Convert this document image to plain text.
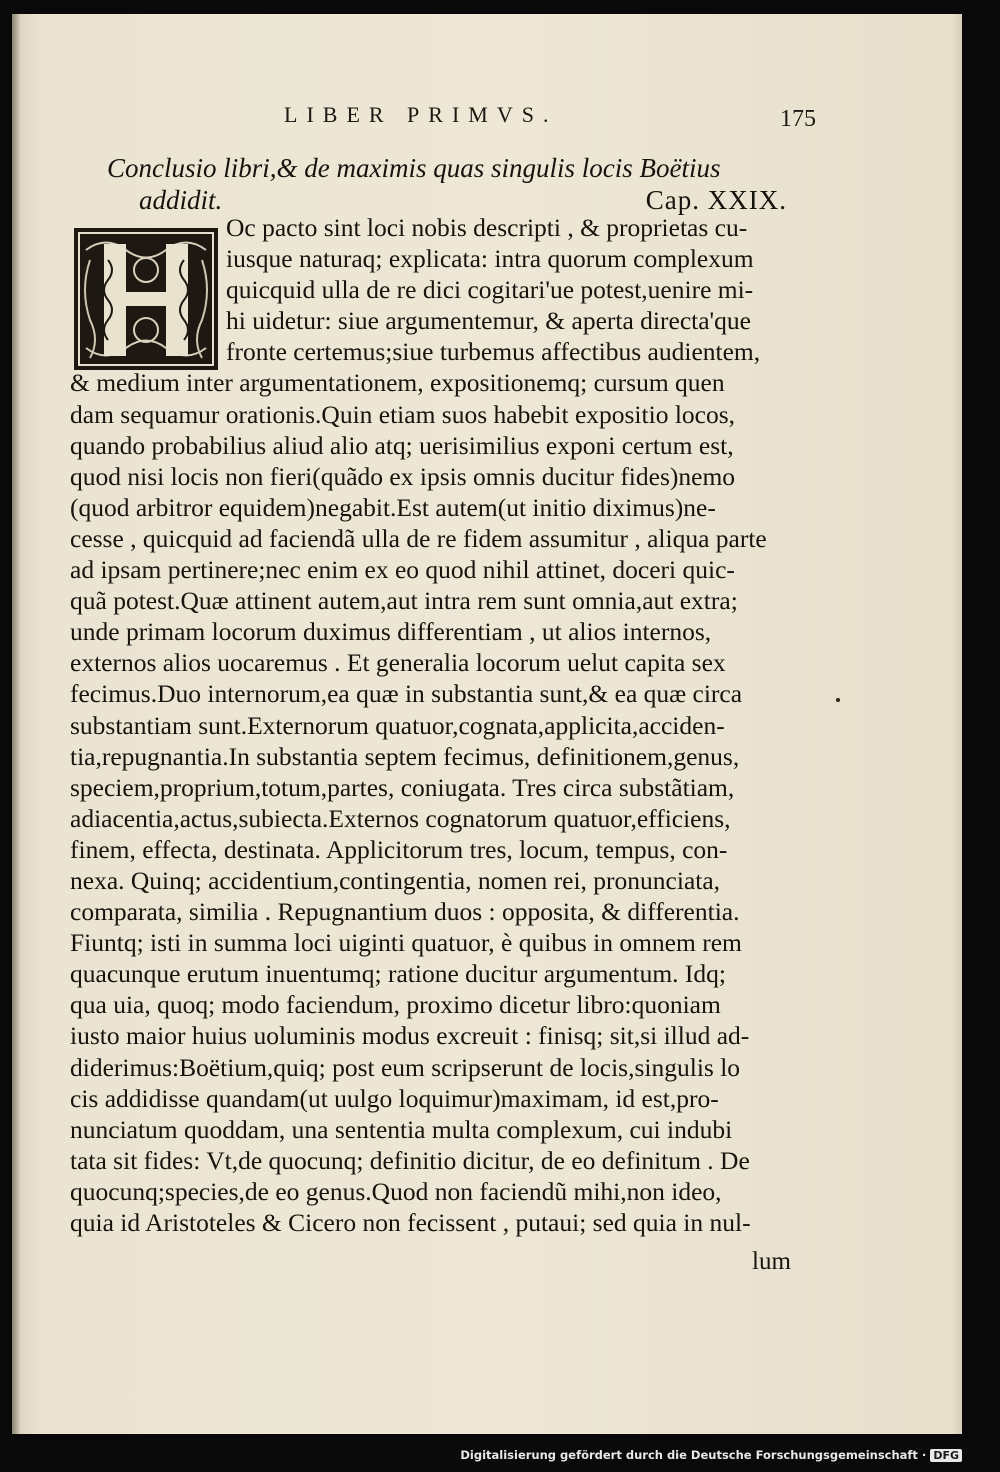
LIBER PRIMVS.	175
Conclusio libri,& de maximis quas singulis locis Boëtius
addidit.	Cap. XXIX.
Oc pacto sint loci nobis descripti , & proprietas cu-
iusque naturaq; explicata: intra quorum complexum
quicquid ulla de re dici cogitari'ue potest,uenire mi-
hi uidetur: siue argumentemur, & aperta directa'que
fronte certemus;siue turbemus affectibus audientem,
& medium inter argumentationem, expositionemq; cursum quen
dam sequamur orationis.Quin etiam suos habebit expositio locos,
quando probabilius aliud alio atq; uerisimilius exponi certum est,
quod nisi locis non fieri(quãdo ex ipsis omnis ducitur fides)nemo
(quod arbitror equidem)negabit.Est autem(ut initio diximus)ne-
cesse , quicquid ad faciendã ulla de re fidem assumitur , aliqua parte
ad ipsam pertinere;nec enim ex eo quod nihil attinet, doceri quic-
quã potest.Quæ attinent autem,aut intra rem sunt omnia,aut extra;
unde primam locorum duximus differentiam , ut alios internos,
externos alios uocaremus . Et generalia locorum uelut capita sex
fecimus.Duo internorum,ea quæ in substantia sunt,& ea quæ circa
substantiam sunt.Externorum quatuor,cognata,applicita,acciden-
tia,repugnantia.In substantia septem fecimus, definitionem,genus,
speciem,proprium,totum,partes, coniugata. Tres circa substãtiam,
adiacentia,actus,subiecta.Externos cognatorum quatuor,efficiens,
finem, effecta, destinata. Applicitorum tres, locum, tempus, con-
nexa. Quinq; accidentium,contingentia, nomen rei, pronunciata,
comparata, similia . Repugnantium duos : opposita, & differentia.
Fiuntq; isti in summa loci uiginti quatuor, è quibus in omnem rem
quacunque erutum inuentumq; ratione ducitur argumentum. Idq;
qua uia, quoq; modo faciendum, proximo dicetur libro:quoniam
iusto maior huius uoluminis modus excreuit : finisq; sit,si illud ad-
diderimus:Boëtium,quiq; post eum scripserunt de locis,singulis lo
cis addidisse quandam(ut uulgo loquimur)maximam, id est,pro-
nunciatum quoddam, una sententia multa complexum, cui indubi
tata sit fides: Vt,de quocunq; definitio dicitur, de eo definitum . De
quocunq;species,de eo genus.Quod non faciendũ mihi,non ideo,
quia id Aristoteles & Cicero non fecissent , putaui; sed quia in nul-
lum
Digitalisierung gefördert durch die Deutsche Forschungsgemeinschaft · DFG
